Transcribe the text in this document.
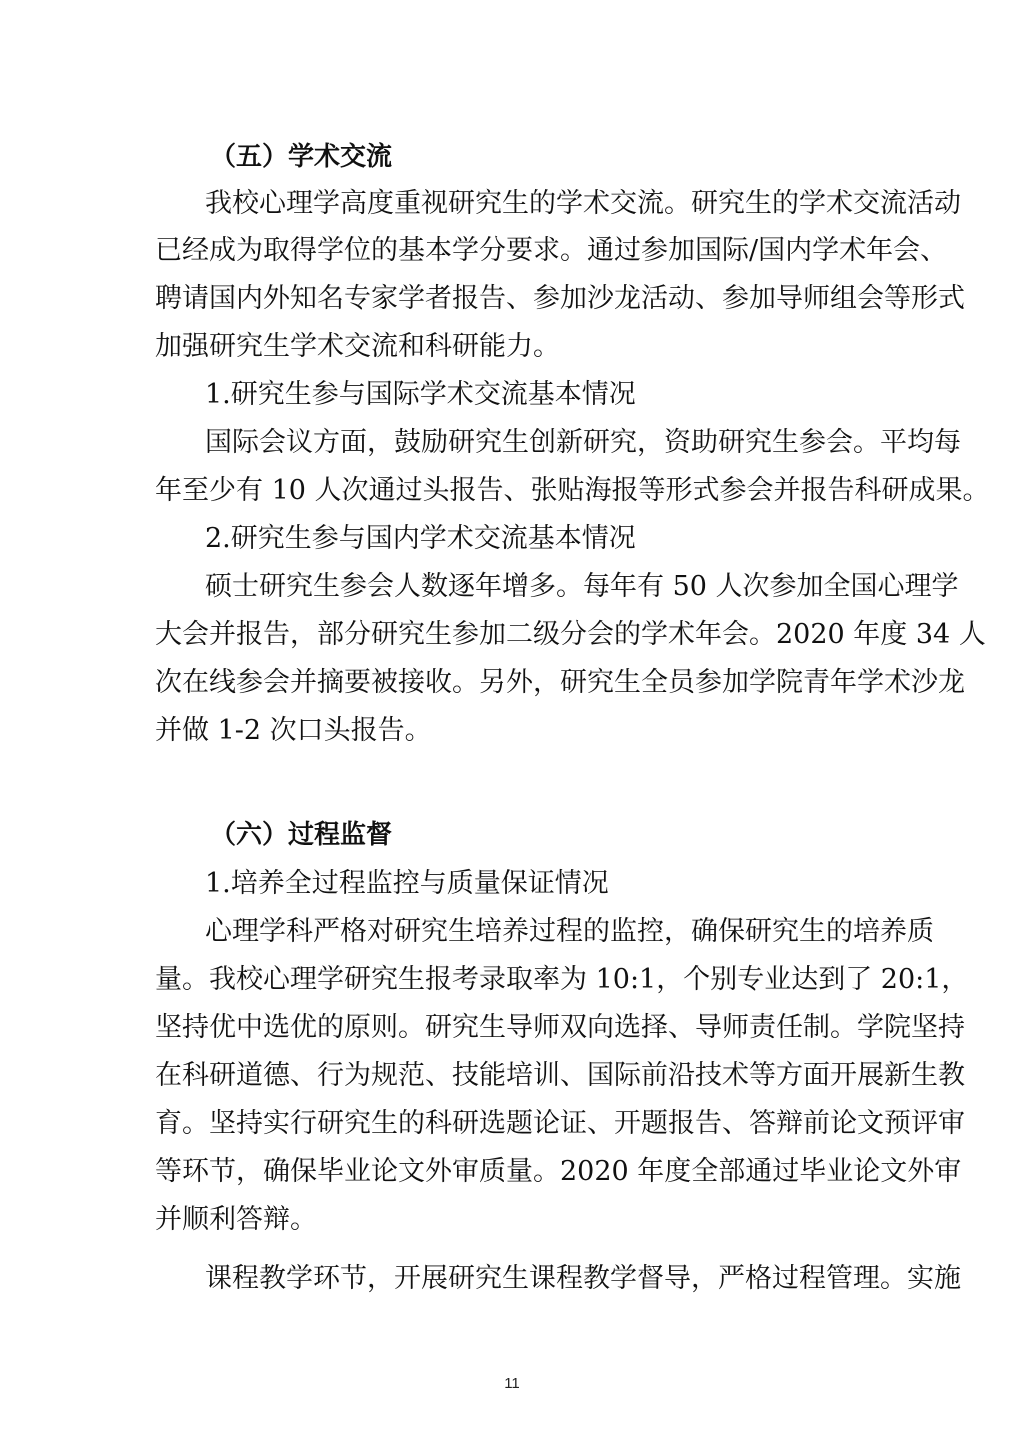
（五）学术交流

我校心理学高度重视研究生的学术交流。研究生的学术交流活动

已经成为取得学位的基本学分要求。通过参加国际/国内学术年会、

聘请国内外知名专家学者报告、参加沙龙活动、参加导师组会等形式

加强研究生学术交流和科研能力。

1.研究生参与国际学术交流基本情况

国际会议方面，鼓励研究生创新研究，资助研究生参会。平均每

年至少有 10 人次通过头报告、张贴海报等形式参会并报告科研成果。

2.研究生参与国内学术交流基本情况

硕士研究生参会人数逐年增多。每年有 50 人次参加全国心理学

大会并报告，部分研究生参加二级分会的学术年会。2020 年度 34 人

次在线参会并摘要被接收。另外，研究生全员参加学院青年学术沙龙

并做 1-2 次口头报告。

（六）过程监督

1.培养全过程监控与质量保证情况

心理学科严格对研究生培养过程的监控，确保研究生的培养质

量。我校心理学研究生报考录取率为 10:1，个别专业达到了 20:1，

坚持优中选优的原则。研究生导师双向选择、导师责任制。学院坚持

在科研道德、行为规范、技能培训、国际前沿技术等方面开展新生教

育。坚持实行研究生的科研选题论证、开题报告、答辩前论文预评审

等环节，确保毕业论文外审质量。2020 年度全部通过毕业论文外审

并顺利答辩。

课程教学环节，开展研究生课程教学督导，严格过程管理。实施

11
